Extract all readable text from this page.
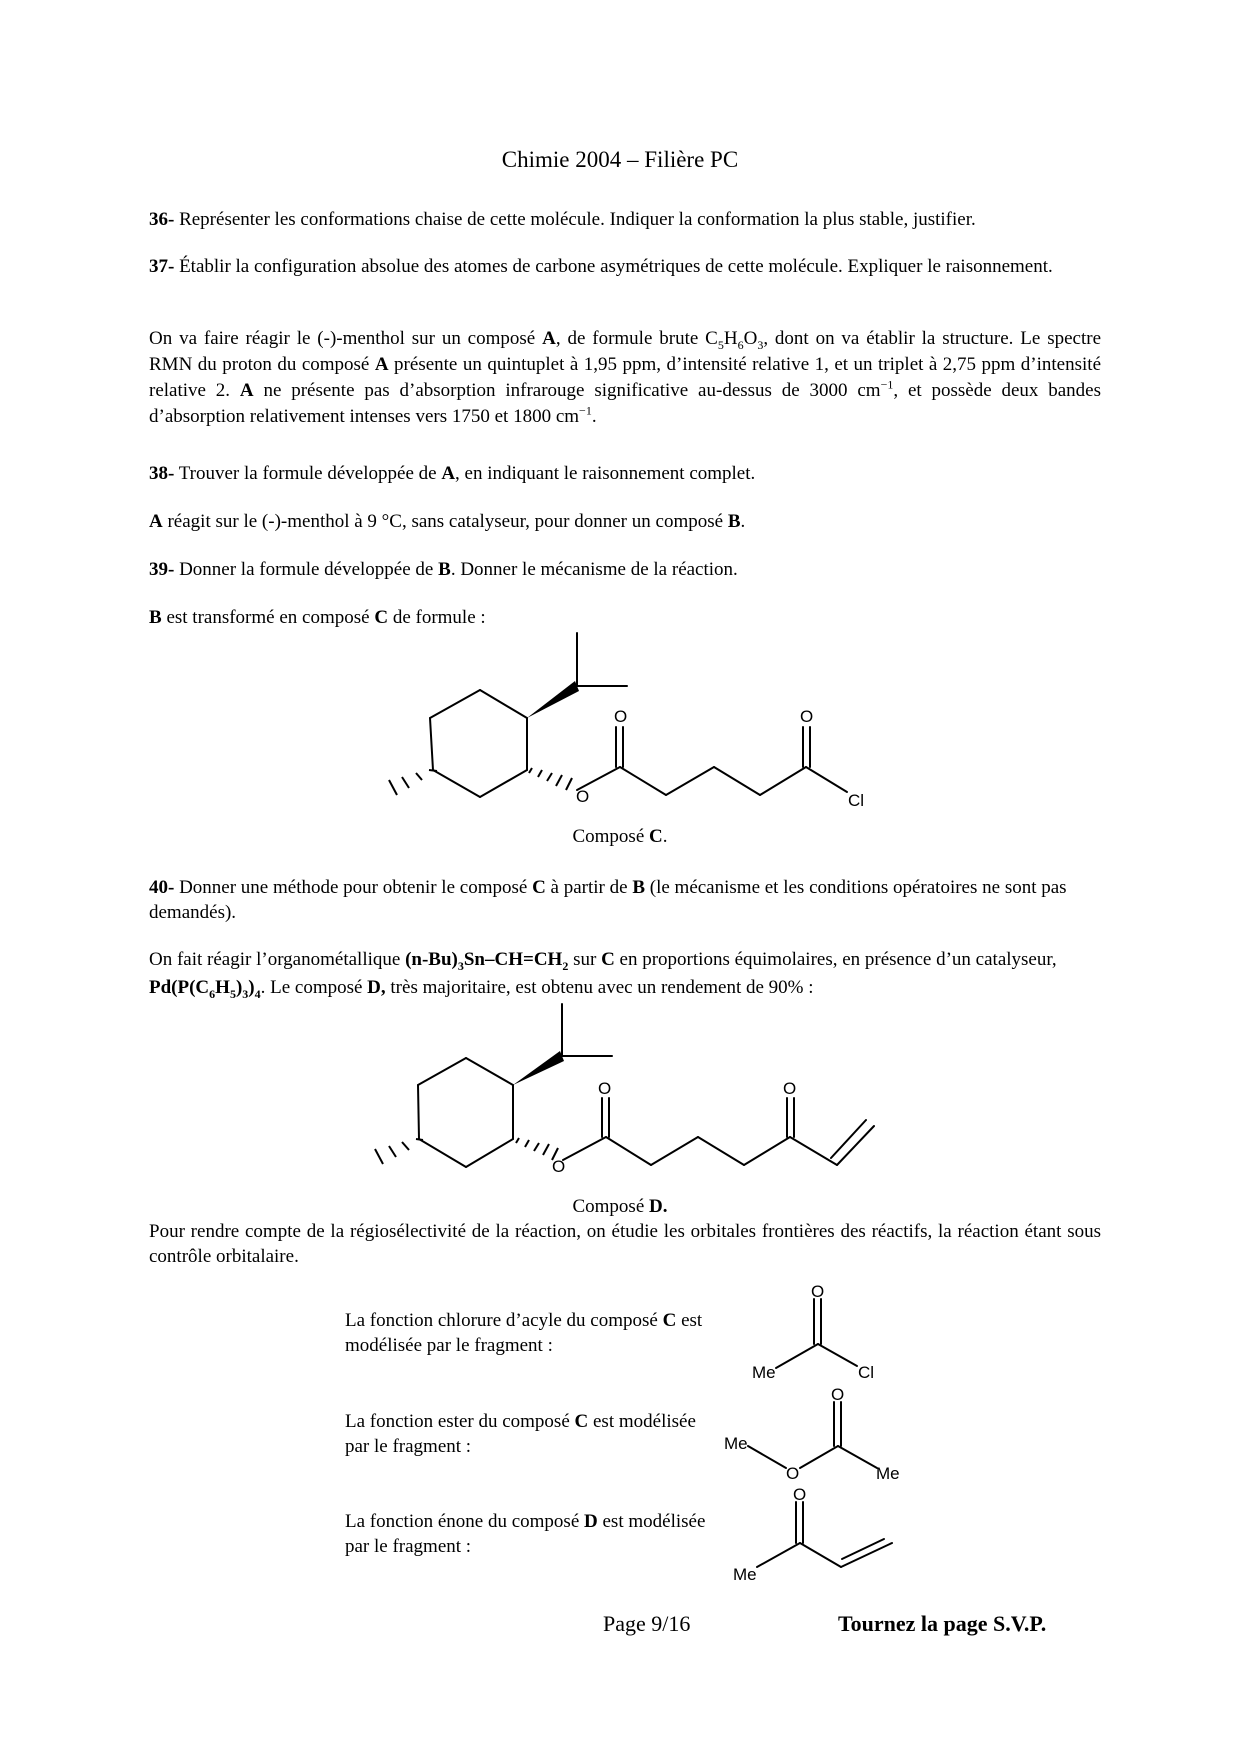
Chimie 2004 – Filière PC

36- Représenter les conformations chaise de cette molécule. Indiquer la conformation la plus stable, justifier.

37- Établir la configuration absolue des atomes de carbone asymétriques de cette molécule. Expliquer le raisonnement.

On va faire réagir le (-)-menthol sur un composé A, de formule brute $C_5H_6O_3$, dont on va établir la structure. Le spectre RMN du proton du composé A présente un quintuplet à 1,95 ppm, d’intensité relative 1, et un triplet à 2,75 ppm d’intensité relative 2. A ne présente pas d’absorption infrarouge significative au-dessus de 3000 $cm^{-1}$, et possède deux bandes d’absorption relativement intenses vers 1750 et 1800 $cm^{-1}$.

38- Trouver la formule développée de A, en indiquant le raisonnement complet.

A réagit sur le (-)-menthol à 9 °C, sans catalyseur, pour donner un composé B.

39- Donner la formule développée de B. Donner le mécanisme de la réaction.

B est transformé en composé C de formule :

O
O	O
Cl
Composé C.

40- Donner une méthode pour obtenir le composé C à partir de B (le mécanisme et les conditions opératoires ne sont pas demandés).

On fait réagir l’organométallique $(n-Bu)_3Sn-CH=CH_2$ sur C en proportions équimolaires, en présence d’un catalyseur, $Pd(P(C_6H_5)_3)_4$. Le composé D, très majoritaire, est obtenu avec un rendement de 90% :

O
O	O
Composé D.

Pour rendre compte de la régiosélectivité de la réaction, on étudie les orbitales frontières des réactifs, la réaction étant sous contrôle orbitalaire.

La fonction chlorure d’acyle du composé C est modélisée par le fragment :
La fonction ester du composé C est modélisée par le fragment :
La fonction énone du composé D est modélisée par le fragment :
O
Me	Cl
O
Me
O	Me
O
Me
Page 9/16	Tournez la page S.V.P.
